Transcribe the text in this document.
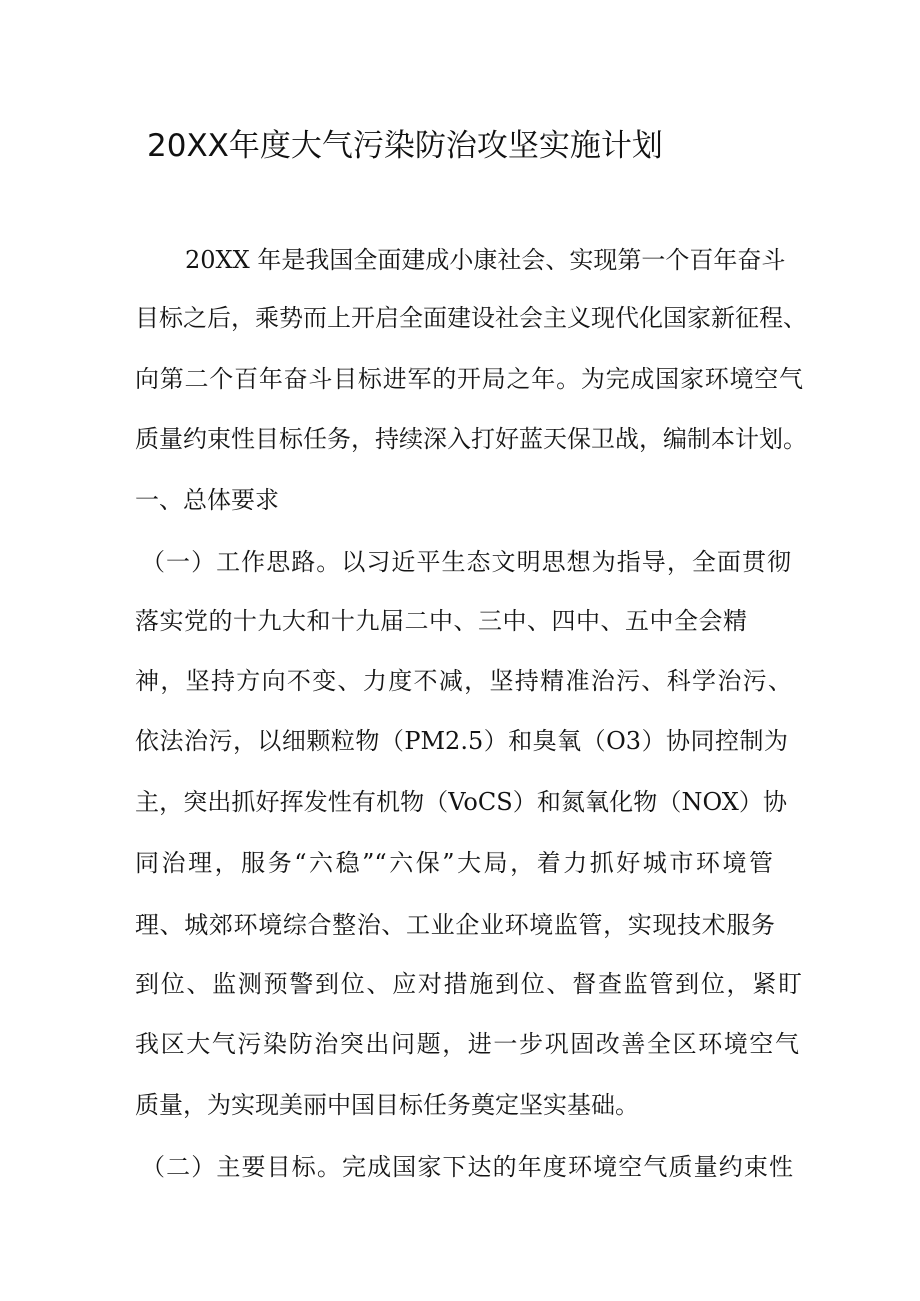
20XX年度大气污染防治攻坚实施计划
20XX 年是我国全面建成小康社会、实现第一个百年奋斗
目标之后，乘势而上开启全面建设社会主义现代化国家新征程、
向第二个百年奋斗目标进军的开局之年。为完成国家环境空气
质量约束性目标任务，持续深入打好蓝天保卫战，编制本计划。
一、总体要求
（一）工作思路。以习近平生态文明思想为指导，全面贯彻
落实党的十九大和十九届二中、三中、四中、五中全会精
神，坚持方向不变、力度不减，坚持精准治污、科学治污、
依法治污，以细颗粒物（PM2.5）和臭氧（O3）协同控制为
主，突出抓好挥发性有机物（VoCS）和氮氧化物（NOX）协
同治理，服务“六稳”“六保”大局，着力抓好城市环境管
理、城郊环境综合整治、工业企业环境监管，实现技术服务
到位、监测预警到位、应对措施到位、督查监管到位，紧盯
我区大气污染防治突出问题，进一步巩固改善全区环境空气
质量，为实现美丽中国目标任务奠定坚实基础。
（二）主要目标。完成国家下达的年度环境空气质量约束性
